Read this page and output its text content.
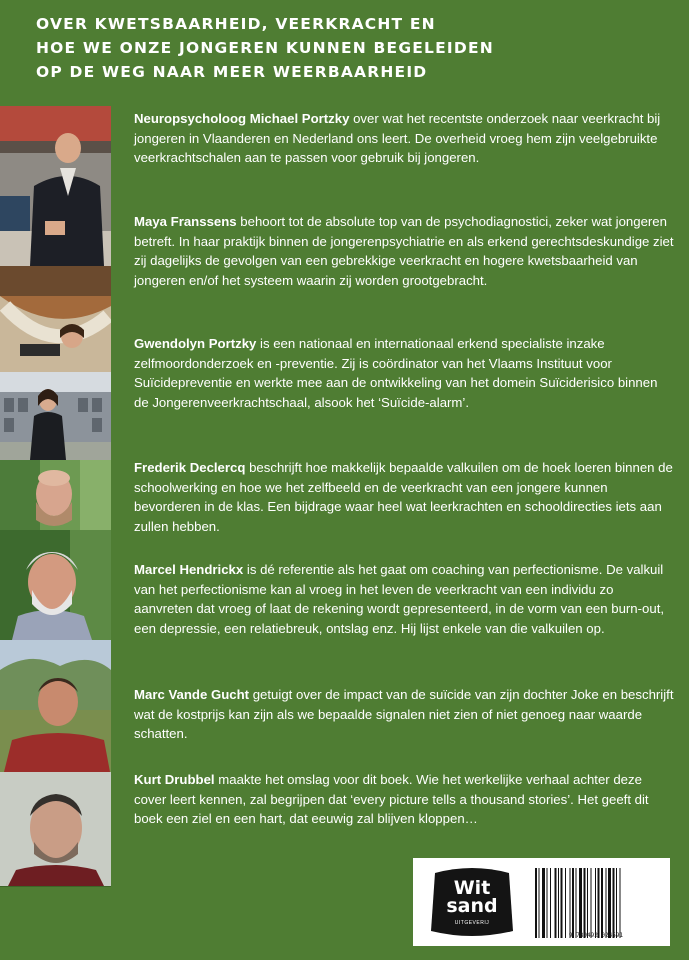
OVER KWETSBAARHEID, VEERKRACHT EN
HOE WE ONZE JONGEREN KUNNEN BEGELEIDEN
OP DE WEG NAAR MEER WEERBAARHEID
Neuropsycholoog Michael Portzky over wat het recentste onderzoek naar veerkracht bij jongeren in Vlaanderen en Nederland ons leert. De overheid vroeg hem zijn veelgebruikte veerkrachtschalen aan te passen voor gebruik bij jongeren.
Maya Franssens behoort tot de absolute top van de psychodiagnostici, zeker wat jongeren betreft. In haar praktijk binnen de jongerenpsychiatrie en als erkend gerechtsdeskundige ziet zij dagelijks de gevolgen van een gebrekkige veerkracht en hogere kwetsbaarheid van jongeren en/of het systeem waarin zij worden grootgebracht.
Gwendolyn Portzky is een nationaal en internationaal erkend specialiste inzake zelfmoordonderzoek en -preventie. Zij is coördinator van het Vlaams Instituut voor Suïcidepreventie en werkte mee aan de ontwikkeling van het domein Suïciderisico binnen de Jongerenveerkrachtschaal, alsook het ‘Suïcide-alarm’.
Frederik Declercq beschrijft hoe makkelijk bepaalde valkuilen om de hoek loeren binnen de schoolwerking en hoe we het zelfbeeld en de veerkracht van een jongere kunnen bevorderen in de klas. Een bijdrage waar heel wat leerkrachten en schooldirecties iets aan zullen hebben.
Marcel Hendrickx is dé referentie als het gaat om coaching van perfectionisme. De valkuil van het perfectionisme kan al vroeg in het leven de veerkracht van een individu zo aanvreten dat vroeg of laat de rekening wordt gepresenteerd, in de vorm van een burn-out, een depressie, een relatiebreuk, ontslag enz. Hij lijst enkele van die valkuilen op.
Marc Vande Gucht getuigt over de impact van de suïcide van zijn dochter Joke en beschrijft wat de kostprijs kan zijn als we bepaalde signalen niet zien of niet genoeg naar waarde schatten.
Kurt Drubbel maakte het omslag voor dit boek. Wie het werkelijke verhaal achter deze cover leert kennen, zal begrijpen dat ‘every picture tells a thousand stories’. Het geeft dit boek een ziel en een hart, dat eeuwig zal blijven kloppen…
Wit
sand
UITGEVERIJ
9 789492 024591
